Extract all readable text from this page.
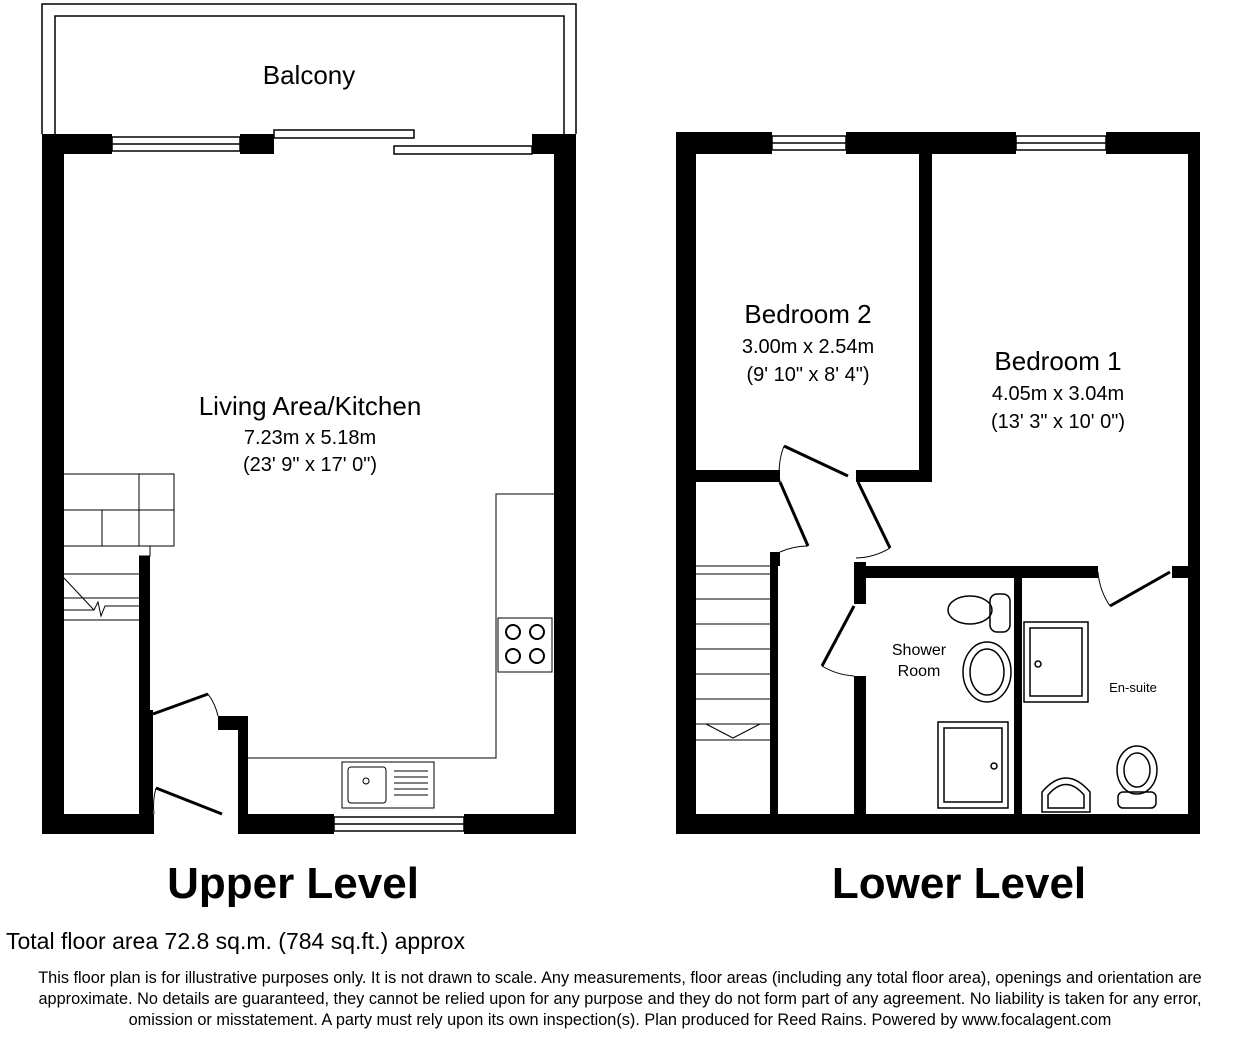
Balcony
Living Area/Kitchen
7.23m x 5.18m
(23' 9" x 17' 0")
Upper Level
Bedroom 2
3.00m x 2.54m
(9' 10" x 8' 4")	Bedroom 1
4.05m x 3.04m
(13' 3" x 10' 0")
Shower
Room
En-suite
Lower Level
Total floor area 72.8 sq.m. (784 sq.ft.) approx
This floor plan is for illustrative purposes only. It is not drawn to scale. Any measurements, floor areas (including any total floor area), openings and orientation are approximate. No details are guaranteed, they cannot be relied upon for any purpose and they do not form part of any agreement. No liability is taken for any error, omission or misstatement. A party must rely upon its own inspection(s). Plan produced for Reed Rains. Powered by www.focalagent.com
